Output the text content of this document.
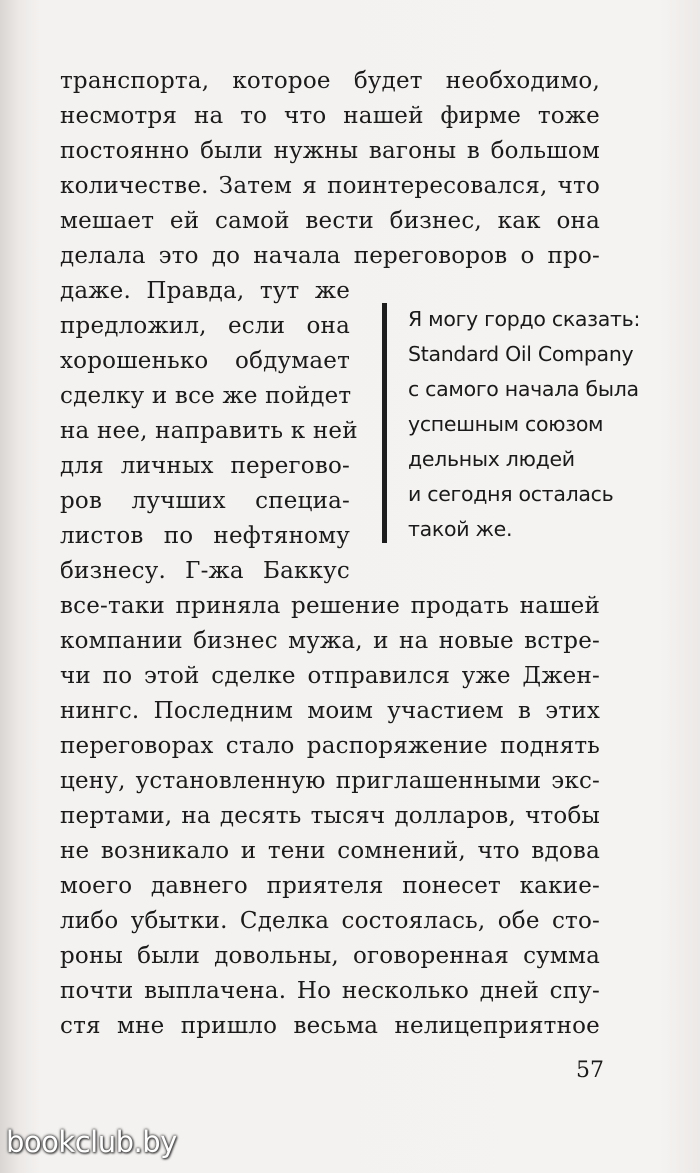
транспорта, которое будет необходимо,
несмотря на то что нашей фирме тоже
постоянно были нужны вагоны в большом
количестве. Затем я поинтересовался, что
мешает ей самой вести бизнес, как она
делала это до начала переговоров о про-
даже. Правда, тут же
предложил, если она
хорошенько обдумает
сделку и все же пойдет
на нее, направить к ней
для личных перегово-
ров лучших специа-
листов по нефтяному
бизнесу. Г-жа Баккус
все-таки приняла решение продать нашей
компании бизнес мужа, и на новые встре-
чи по этой сделке отправился уже Джен-
нингс. Последним моим участием в этих
переговорах стало распоряжение поднять
цену, установленную приглашенными экс-
пертами, на десять тысяч долларов, чтобы
не возникало и тени сомнений, что вдова
моего давнего приятеля понесет какие-
либо убытки. Сделка состоялась, обе сто-
роны были довольны, оговоренная сумма
почти выплачена. Но несколько дней спу-
стя мне пришло весьма нелицеприятное
Я могу гордо сказать:
Standard Oil Company
с самого начала была
успешным союзом
дельных людей
и сегодня осталась
такой же.
57
bookclub.by
